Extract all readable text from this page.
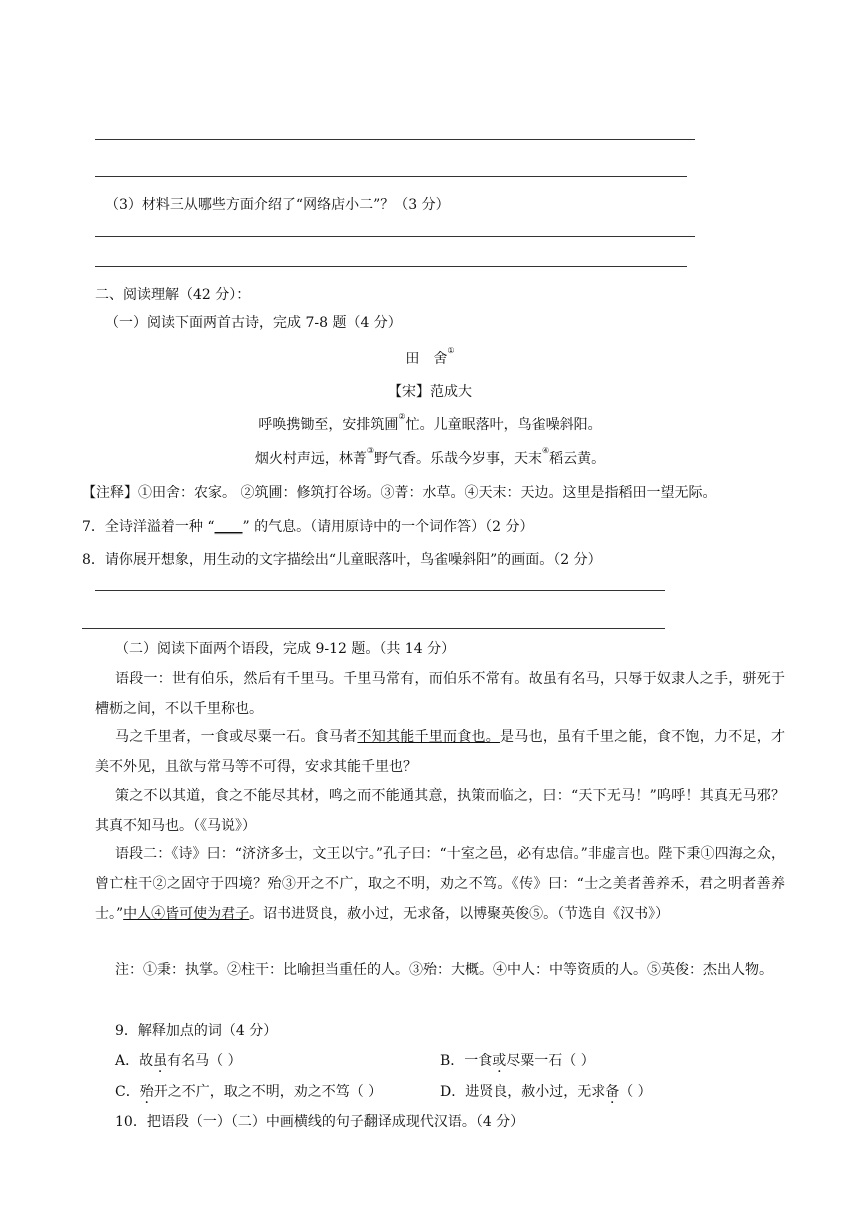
（3）材料三从哪些方面介绍了“网络店小二”？（3 分）
二、阅读理解（42 分）：
（一）阅读下面两首古诗，完成 7-8 题（4 分）
田  舍①
【宋】范成大
呼唤携锄至，安排筑圃②忙。儿童眠落叶，鸟雀噪斜阳。
烟火村声远，林菁③野气香。乐哉今岁事，天末④稻云黄。
【注释】①田舍：农家。 ②筑圃：修筑打谷场。③菁：水草。④天末：天边。这里是指稻田一望无际。
7．全诗洋溢着一种 “____” 的气息。（请用原诗中的一个词作答）（2 分）
8．请你展开想象，用生动的文字描绘出“儿童眠落叶，鸟雀噪斜阳”的画面。（2 分）
（二）阅读下面两个语段，完成 9-12 题。（共 14 分）
语段一：世有伯乐，然后有千里马。千里马常有，而伯乐不常有。故虽有名马，只辱于奴隶人之手，骈死于槽枥之间，不以千里称也。
马之千里者，一食或尽粟一石。食马者不知其能千里而食也。是马也，虽有千里之能，食不饱，力不足，才美不外见，且欲与常马等不可得，安求其能千里也？
策之不以其道，食之不能尽其材，鸣之而不能通其意，执策而临之，曰：“天下无马！”呜呼！其真无马邪？其真不知马也。（《马说》）
语段二：《诗》曰：“济济多士，文王以宁。”孔子曰：“十室之邑，必有忠信。”非虚言也。陛下秉①四海之众，曾亡柱干②之固守于四境？殆③开之不广，取之不明，劝之不笃。《传》曰：“士之美者善养禾，君之明者善养士。”中人④皆可使为君子。诏书进贤良，赦小过，无求备，以博聚英俊⑤。（节选自《汉书》）
注：①秉：执掌。②柱干：比喻担当重任的人。③殆：大概。④中人：中等资质的人。⑤英俊：杰出人物。
9．解释加点的词（4 分）
A．故虽有名马（ ）	B．一食或尽粟一石（ ）
C．殆开之不广，取之不明，劝之不笃（ ）	D．进贤良，赦小过，无求备（ ）
10．把语段（一）（二）中画横线的句子翻译成现代汉语。（4 分）
